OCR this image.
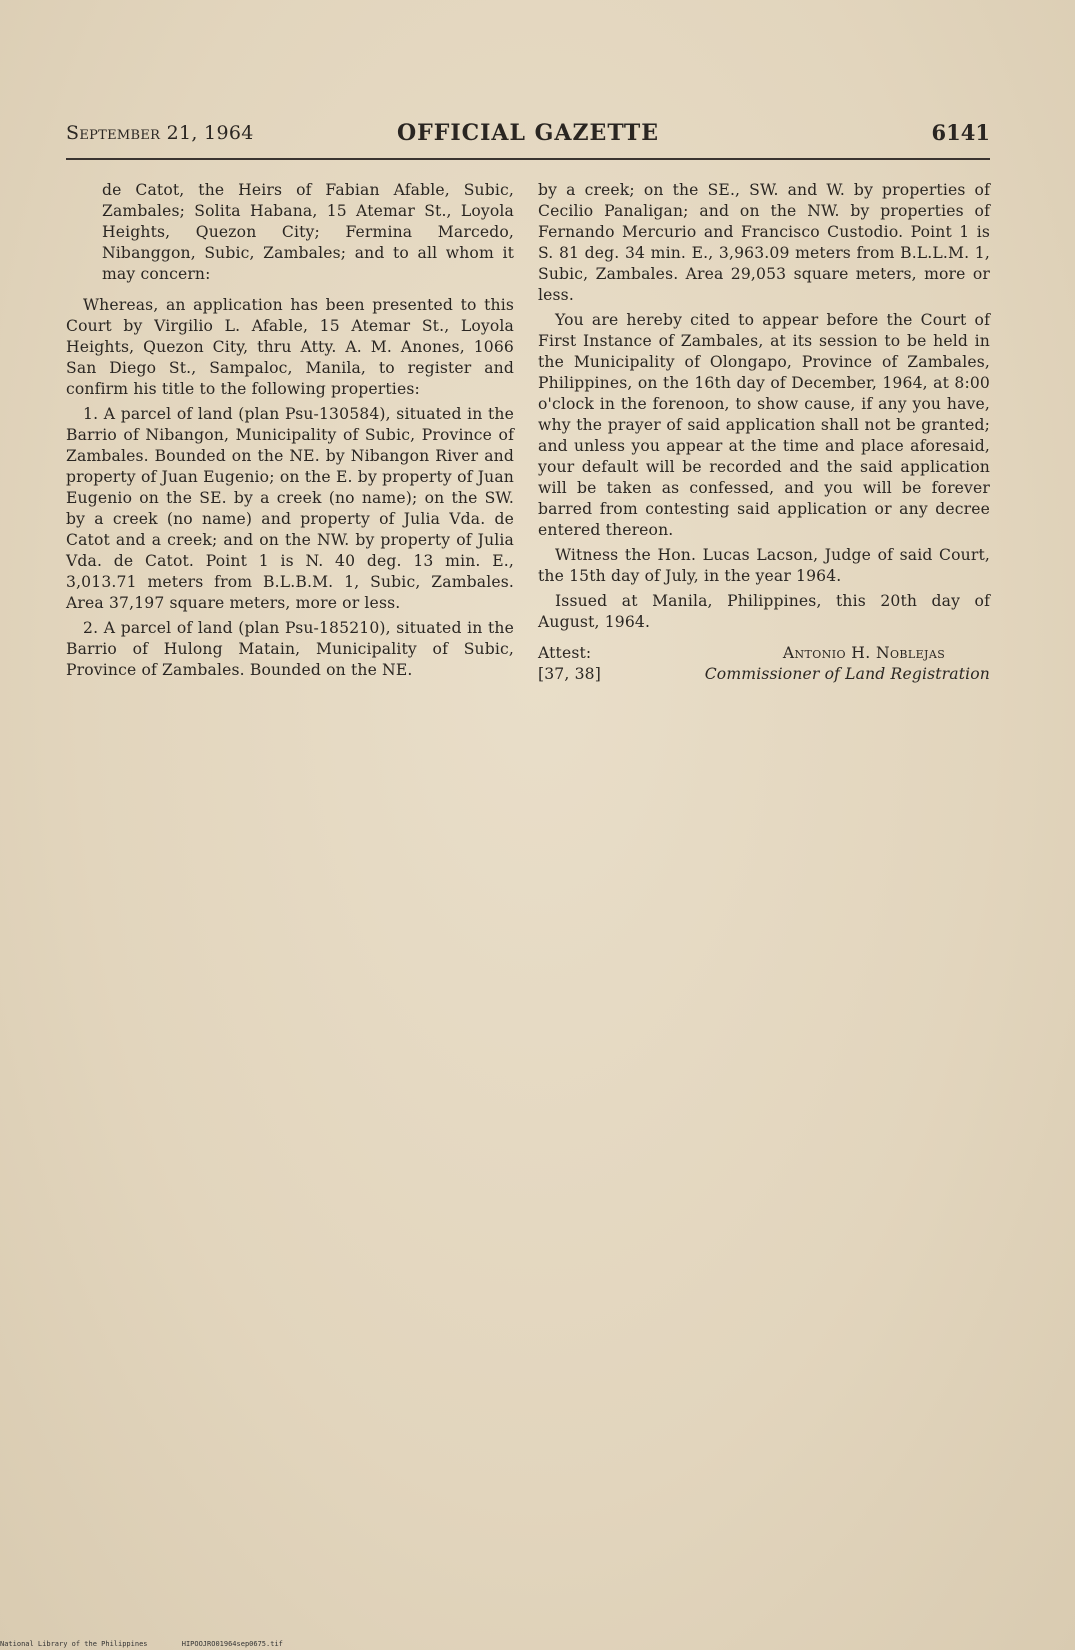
September 21, 1964	OFFICIAL GAZETTE	6141

de Catot, the Heirs of Fabian Afable, Subic, Zambales; Solita Habana, 15 Atemar St., Loyola Heights, Quezon City; Fermina Marcedo, Nibanggon, Subic, Zambales; and to all whom it may concern:

Whereas, an application has been presented to this Court by Virgilio L. Afable, 15 Atemar St., Loyola Heights, Quezon City, thru Atty. A. M. Anones, 1066 San Diego St., Sampaloc, Manila, to register and confirm his title to the following properties:

1. A parcel of land (plan Psu-130584), situated in the Barrio of Nibangon, Municipality of Subic, Province of Zambales. Bounded on the NE. by Nibangon River and property of Juan Eugenio; on the E. by property of Juan Eugenio on the SE. by a creek (no name); on the SW. by a creek (no name) and property of Julia Vda. de Catot and a creek; and on the NW. by property of Julia Vda. de Catot. Point 1 is N. 40 deg. 13 min. E., 3,013.71 meters from B.L.B.M. 1, Subic, Zambales. Area 37,197 square meters, more or less.

2. A parcel of land (plan Psu-185210), situated in the Barrio of Hulong Matain, Municipality of Subic, Province of Zambales. Bounded on the NE.

by a creek; on the SE., SW. and W. by properties of Cecilio Panaligan; and on the NW. by properties of Fernando Mercurio and Francisco Custodio. Point 1 is S. 81 deg. 34 min. E., 3,963.09 meters from B.L.L.M. 1, Subic, Zambales. Area 29,053 square meters, more or less.

You are hereby cited to appear before the Court of First Instance of Zambales, at its session to be held in the Municipality of Olongapo, Province of Zambales, Philippines, on the 16th day of December, 1964, at 8:00 o'clock in the forenoon, to show cause, if any you have, why the prayer of said application shall not be granted; and unless you appear at the time and place aforesaid, your default will be recorded and the said application will be taken as confessed, and you will be forever barred from contesting said application or any decree entered thereon.

Witness the Hon. Lucas Lacson, Judge of said Court, the 15th day of July, in the year 1964.

Issued at Manila, Philippines, this 20th day of August, 1964.

Attest:
[37, 38]
Antonio H. Noblejas
Commissioner of Land Registration
National Library of the Philippines	HIPOOJRO01964sep0675.tif
